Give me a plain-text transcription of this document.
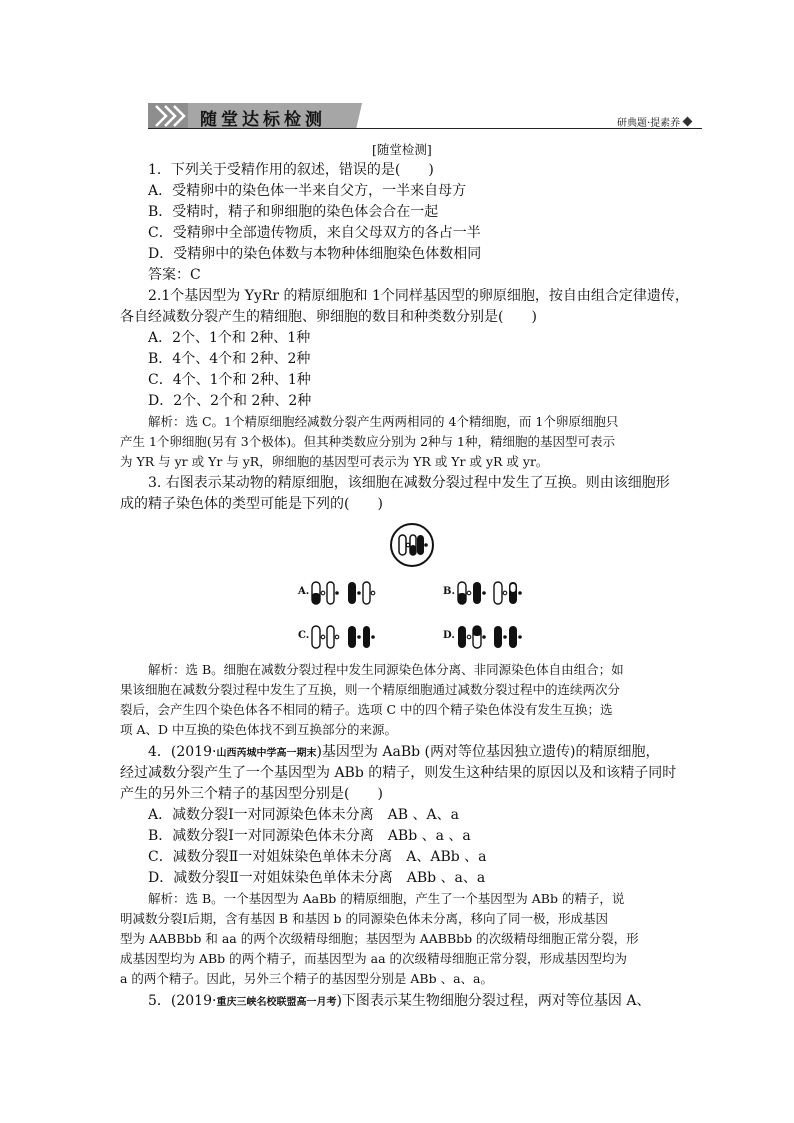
随堂达标检测	研典题·提素养
[随堂检测]
1．下列关于受精作用的叙述，错误的是(　　)
A．受精卵中的染色体一半来自父方，一半来自母方
B．受精时，精子和卵细胞的染色体会合在一起
C．受精卵中全部遗传物质，来自父母双方的各占一半
D．受精卵中的染色体数与本物种体细胞染色体数相同
答案：C
2.1个基因型为 YyRr 的精原细胞和 1个同样基因型的卵原细胞，按自由组合定律遗传，
各自经减数分裂产生的精细胞、卵细胞的数目和种类数分别是(　　)
A．2个、1个和 2种、1种
B．4个、4个和 2种、2种
C．4个、1个和 2种、1种
D．2个、2个和 2种、2种
解析：选 C。1个精原细胞经减数分裂产生两两相同的 4个精细胞，而 1个卵原细胞只
产生 1个卵细胞(另有 3个极体)。但其种类数应分别为 2种与 1种，精细胞的基因型可表示
为 YR 与 yr 或 Yr 与 yR，卵细胞的基因型可表示为 YR 或 Yr 或 yR 或 yr。
3. 右图表示某动物的精原细胞，该细胞在减数分裂过程中发生了互换。则由该细胞形
成的精子染色体的类型可能是下列的(　　)
A.	B.
C.	D.
解析：选 B。细胞在减数分裂过程中发生同源染色体分离、非同源染色体自由组合；如
果该细胞在减数分裂过程中发生了互换，则一个精原细胞通过减数分裂过程中的连续两次分
裂后，会产生四个染色体各不相同的精子。选项 C 中的四个精子染色体没有发生互换；选
项 A、D 中互换的染色体找不到互换部分的来源。
4．(2019·山西芮城中学高一期末)基因型为 AaBb (两对等位基因独立遗传)的精原细胞，
经过减数分裂产生了一个基因型为 ABb 的精子，则发生这种结果的原因以及和该精子同时
产生的另外三个精子的基因型分别是(　　)
A．减数分裂Ⅰ一对同源染色体未分离　AB 、A、a
B．减数分裂Ⅰ一对同源染色体未分离　ABb 、a 、a
C．减数分裂Ⅱ一对姐妹染色单体未分离　A、ABb 、a
D．减数分裂Ⅱ一对姐妹染色单体未分离　ABb 、a、a
解析：选 B。一个基因型为 AaBb 的精原细胞，产生了一个基因型为 ABb 的精子，说
明减数分裂Ⅰ后期，含有基因 B 和基因 b 的同源染色体未分离，移向了同一极，形成基因
型为 AABBbb 和 aa 的两个次级精母细胞；基因型为 AABBbb 的次级精母细胞正常分裂，形
成基因型均为 ABb 的两个精子，而基因型为 aa 的次级精母细胞正常分裂，形成基因型均为
a 的两个精子。因此，另外三个精子的基因型分别是 ABb 、a、a。
5．(2019·重庆三峡名校联盟高一月考)下图表示某生物细胞分裂过程，两对等位基因 A、
